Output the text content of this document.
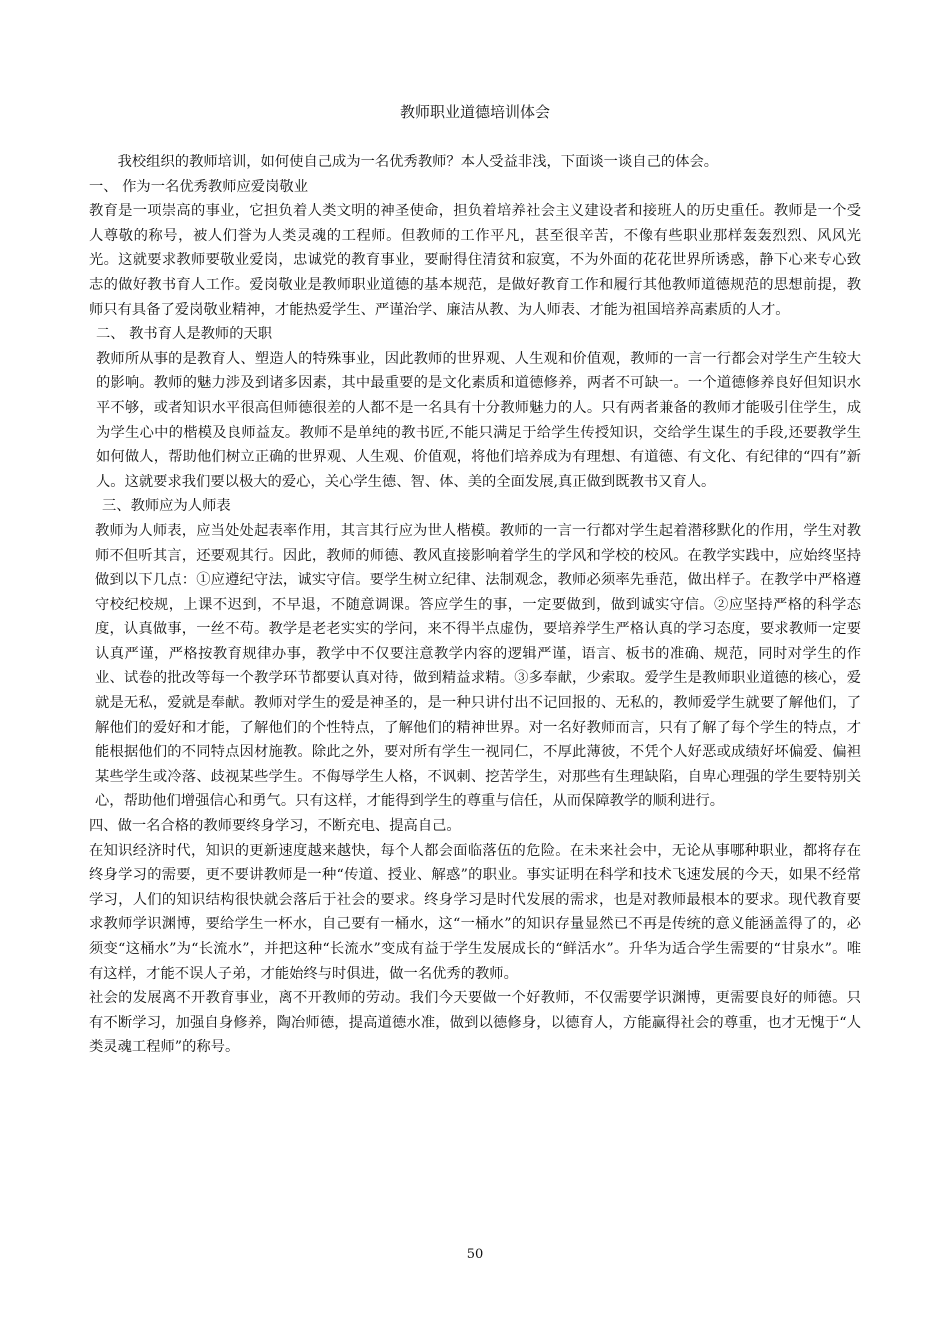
教师职业道德培训体会

我校组织的教师培训，如何使自己成为一名优秀教师？本人受益非浅，下面谈一谈自己的体会。

一、 作为一名优秀教师应爱岗敬业

教育是一项崇高的事业，它担负着人类文明的神圣使命，担负着培养社会主义建设者和接班人的历史重任。教师是一个受人尊敬的称号，被人们誉为人类灵魂的工程师。但教师的工作平凡，甚至很辛苦，不像有些职业那样轰轰烈烈、风风光光。这就要求教师要敬业爱岗，忠诚党的教育事业，要耐得住清贫和寂寞，不为外面的花花世界所诱惑，静下心来专心致志的做好教书育人工作。爱岗敬业是教师职业道德的基本规范，是做好教育工作和履行其他教师道德规范的思想前提，教师只有具备了爱岗敬业精神，才能热爱学生、严谨治学、廉洁从教、为人师表、才能为祖国培养高素质的人才。

二、 教书育人是教师的天职

教师所从事的是教育人、塑造人的特殊事业，因此教师的世界观、人生观和价值观，教师的一言一行都会对学生产生较大的影响。教师的魅力涉及到诸多因素，其中最重要的是文化素质和道德修养，两者不可缺一。一个道德修养良好但知识水平不够，或者知识水平很高但师德很差的人都不是一名具有十分教师魅力的人。只有两者兼备的教师才能吸引住学生，成为学生心中的楷模及良师益友。教师不是单纯的教书匠,不能只满足于给学生传授知识，交给学生谋生的手段,还要教学生如何做人，帮助他们树立正确的世界观、人生观、价值观，将他们培养成为有理想、有道德、有文化、有纪律的“四有”新人。这就要求我们要以极大的爱心，关心学生德、智、体、美的全面发展,真正做到既教书又育人。

三、教师应为人师表

教师为人师表，应当处处起表率作用，其言其行应为世人楷模。教师的一言一行都对学生起着潜移默化的作用，学生对教师不但听其言，还要观其行。因此，教师的师德、教风直接影响着学生的学风和学校的校风。在教学实践中，应始终坚持做到以下几点：①应遵纪守法，诚实守信。要学生树立纪律、法制观念，教师必须率先垂范，做出样子。在教学中严格遵守校纪校规，上课不迟到，不早退，不随意调课。答应学生的事，一定要做到，做到诚实守信。②应坚持严格的科学态度，认真做事，一丝不苟。教学是老老实实的学问，来不得半点虚伪，要培养学生严格认真的学习态度，要求教师一定要认真严谨，严格按教育规律办事，教学中不仅要注意教学内容的逻辑严谨，语言、板书的准确、规范，同时对学生的作业、试卷的批改等每一个教学环节都要认真对待，做到精益求精。③多奉献，少索取。爱学生是教师职业道德的核心，爱就是无私，爱就是奉献。教师对学生的爱是神圣的，是一种只讲付出不记回报的、无私的，教师爱学生就要了解他们，了解他们的爱好和才能，了解他们的个性特点，了解他们的精神世界。对一名好教师而言，只有了解了每个学生的特点，才能根据他们的不同特点因材施教。除此之外，要对所有学生一视同仁，不厚此薄彼，不凭个人好恶或成绩好坏偏爱、偏袒某些学生或冷落、歧视某些学生。不侮辱学生人格，不讽刺、挖苦学生，对那些有生理缺陷，自卑心理强的学生要特别关心，帮助他们增强信心和勇气。只有这样，才能得到学生的尊重与信任，从而保障教学的顺利进行。

四、做一名合格的教师要终身学习，不断充电、提高自己。

在知识经济时代，知识的更新速度越来越快，每个人都会面临落伍的危险。在未来社会中，无论从事哪种职业，都将存在终身学习的需要，更不要讲教师是一种“传道、授业、解惑”的职业。事实证明在科学和技术飞速发展的今天，如果不经常学习，人们的知识结构很快就会落后于社会的要求。终身学习是时代发展的需求，也是对教师最根本的要求。现代教育要求教师学识渊博，要给学生一杯水，自己要有一桶水，这“一桶水”的知识存量显然已不再是传统的意义能涵盖得了的，必须变“这桶水”为“长流水”，并把这种“长流水”变成有益于学生发展成长的“鲜活水”。升华为适合学生需要的“甘泉水”。唯有这样，才能不误人子弟，才能始终与时俱进，做一名优秀的教师。

社会的发展离不开教育事业，离不开教师的劳动。我们今天要做一个好教师，不仅需要学识渊博，更需要良好的师德。只有不断学习，加强自身修养，陶冶师德，提高道德水准，做到以德修身，以德育人，方能赢得社会的尊重，也才无愧于“人类灵魂工程师”的称号。

50
